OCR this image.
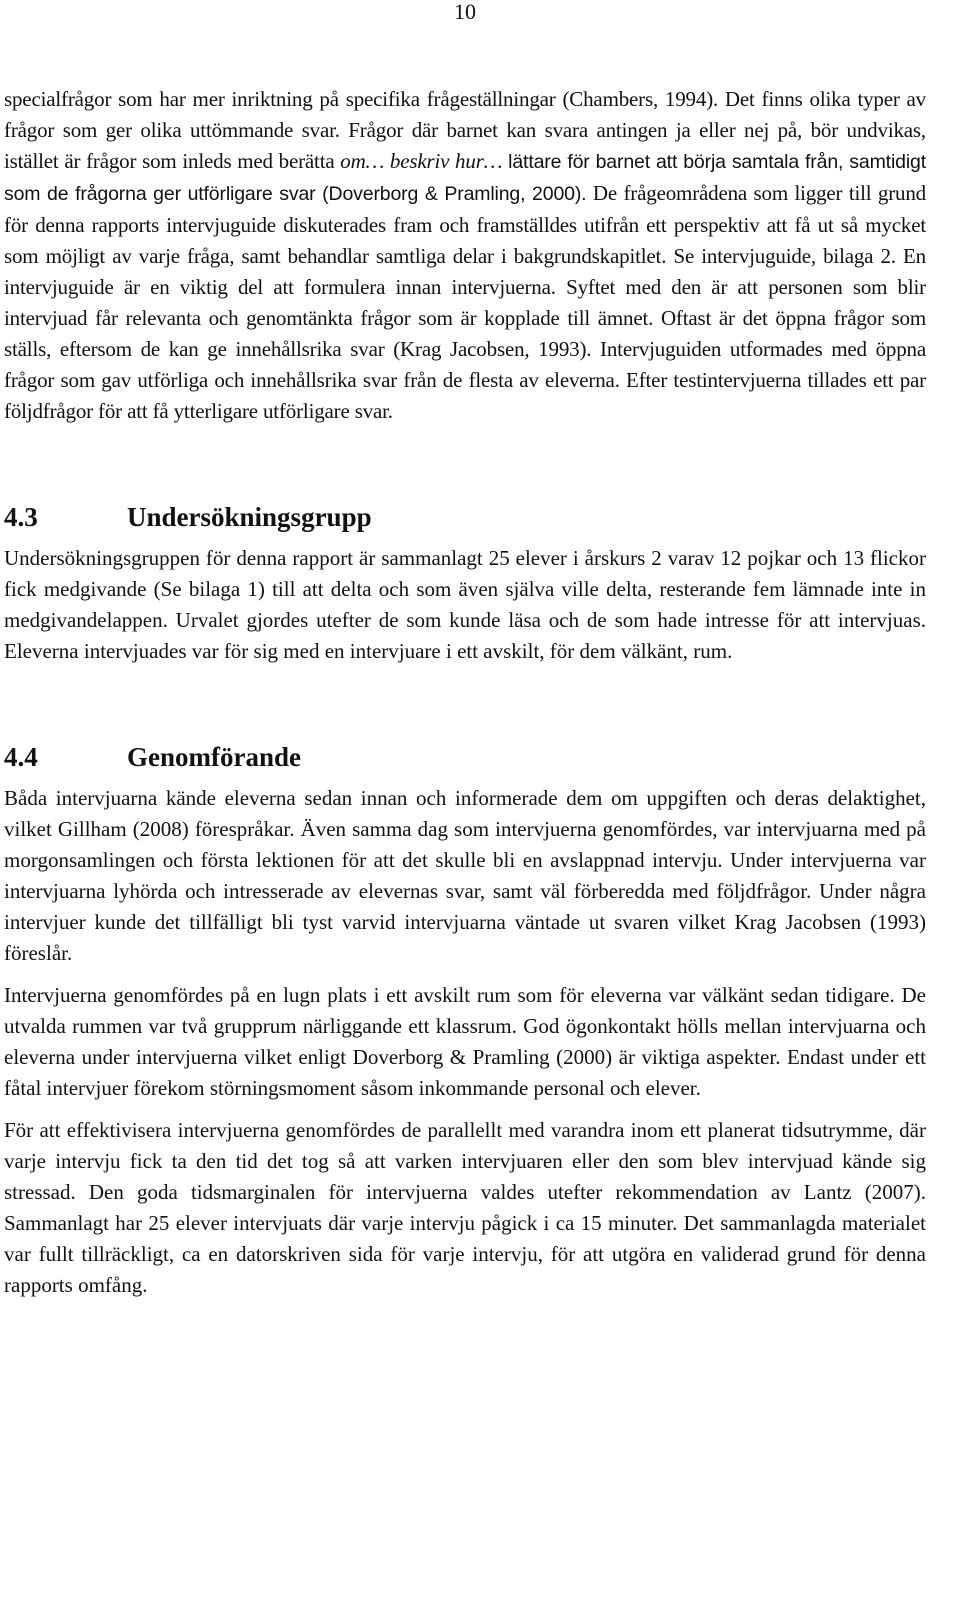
10

specialfrågor som har mer inriktning på specifika frågeställningar (Chambers, 1994). Det finns olika typer av frågor som ger olika uttömmande svar. Frågor där barnet kan svara antingen ja eller nej på, bör undvikas, istället är frågor som inleds med berätta om… beskriv hur… lättare för barnet att börja samtala från, samtidigt som de frågorna ger utförligare svar (Doverborg & Pramling, 2000). De frågeområdena som ligger till grund för denna rapports intervjuguide diskuterades fram och framställdes utifrån ett perspektiv att få ut så mycket som möjligt av varje fråga, samt behandlar samtliga delar i bakgrundskapitlet. Se intervjuguide, bilaga 2. En intervjuguide är en viktig del att formulera innan intervjuerna. Syftet med den är att personen som blir intervjuad får relevanta och genomtänkta frågor som är kopplade till ämnet. Oftast är det öppna frågor som ställs, eftersom de kan ge innehållsrika svar (Krag Jacobsen, 1993). Intervjuguiden utformades med öppna frågor som gav utförliga och innehållsrika svar från de flesta av eleverna. Efter testintervjuerna tillades ett par följdfrågor för att få ytterligare utförligare svar.

4.3	Undersökningsgrupp

Undersökningsgruppen för denna rapport är sammanlagt 25 elever i årskurs 2 varav 12 pojkar och 13 flickor fick medgivande (Se bilaga 1) till att delta och som även själva ville delta, resterande fem lämnade inte in medgivandelappen. Urvalet gjordes utefter de som kunde läsa och de som hade intresse för att intervjuas. Eleverna intervjuades var för sig med en intervjuare i ett avskilt, för dem välkänt, rum.

4.4	Genomförande

Båda intervjuarna kände eleverna sedan innan och informerade dem om uppgiften och deras delaktighet, vilket Gillham (2008) förespråkar. Även samma dag som intervjuerna genomfördes, var intervjuarna med på morgonsamlingen och första lektionen för att det skulle bli en avslappnad intervju. Under intervjuerna var intervjuarna lyhörda och intresserade av elevernas svar, samt väl förberedda med följdfrågor. Under några intervjuer kunde det tillfälligt bli tyst varvid intervjuarna väntade ut svaren vilket Krag Jacobsen (1993) föreslår.

Intervjuerna genomfördes på en lugn plats i ett avskilt rum som för eleverna var välkänt sedan tidigare. De utvalda rummen var två grupprum närliggande ett klassrum. God ögonkontakt hölls mellan intervjuarna och eleverna under intervjuerna vilket enligt Doverborg & Pramling (2000) är viktiga aspekter. Endast under ett fåtal intervjuer förekom störningsmoment såsom inkommande personal och elever.

För att effektivisera intervjuerna genomfördes de parallellt med varandra inom ett planerat tidsutrymme, där varje intervju fick ta den tid det tog så att varken intervjuaren eller den som blev intervjuad kände sig stressad. Den goda tidsmarginalen för intervjuerna valdes utefter rekommendation av Lantz (2007). Sammanlagt har 25 elever intervjuats där varje intervju pågick i ca 15 minuter. Det sammanlagda materialet var fullt tillräckligt, ca en datorskriven sida för varje intervju, för att utgöra en validerad grund för denna rapports omfång.
